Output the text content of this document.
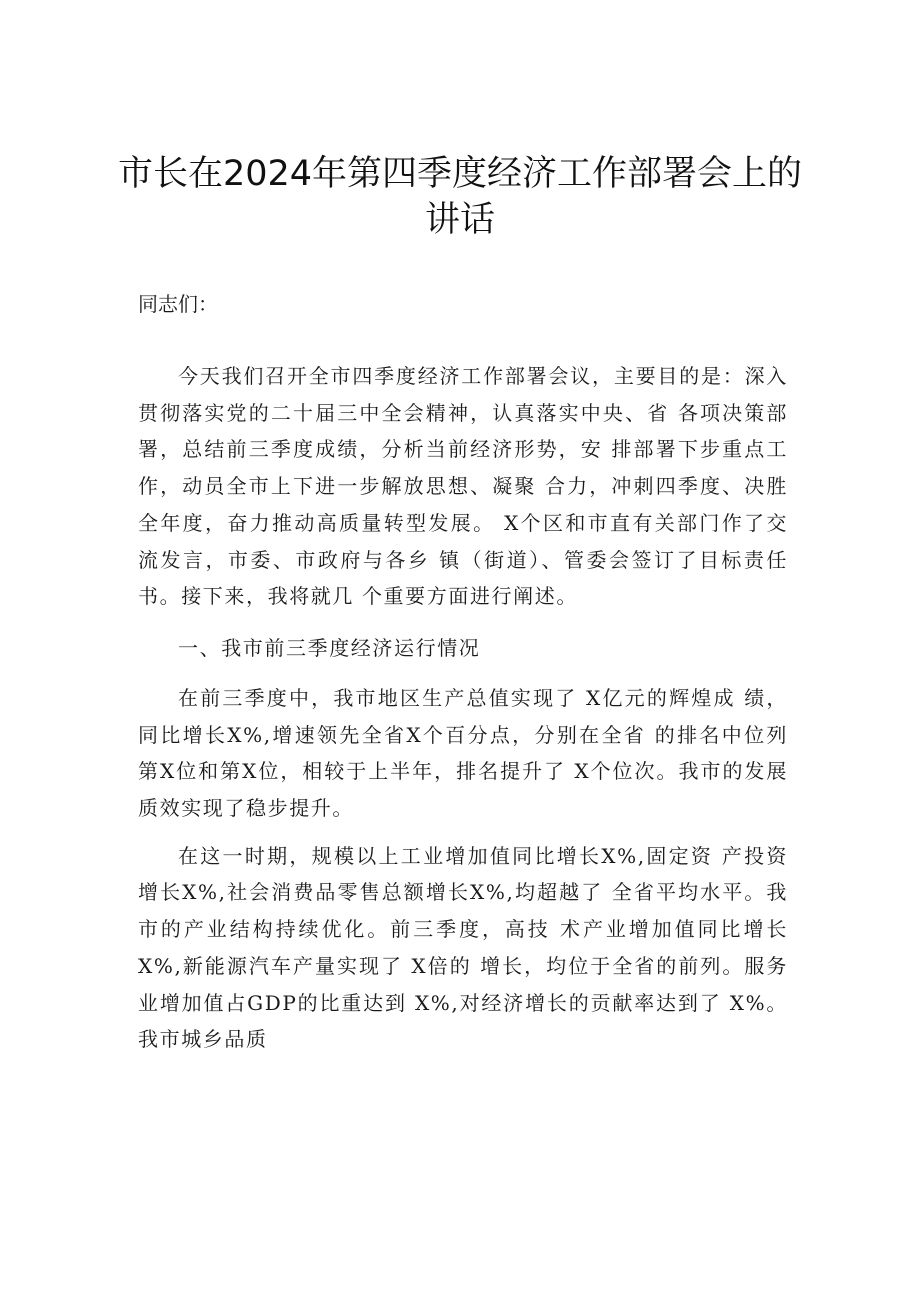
市长在2024年第四季度经济工作部署会上的讲话

同志们：

今天我们召开全市四季度经济工作部署会议，主要目的是：深入贯彻落实党的二十届三中全会精神，认真落实中央、省 各项决策部署，总结前三季度成绩，分析当前经济形势，安 排部署下步重点工作，动员全市上下进一步解放思想、凝聚 合力，冲刺四季度、决胜全年度，奋力推动高质量转型发展。 X个区和市直有关部门作了交流发言，市委、市政府与各乡 镇（街道）、管委会签订了目标责任书。接下来，我将就几 个重要方面进行阐述。

一、我市前三季度经济运行情况

在前三季度中，我市地区生产总值实现了 X亿元的辉煌成 绩，同比增长X%,增速领先全省X个百分点，分别在全省 的排名中位列第X位和第X位，相较于上半年，排名提升了 X个位次。我市的发展质效实现了稳步提升。

在这一时期，规模以上工业增加值同比增长X%,固定资 产投资增长X%,社会消费品零售总额增长X%,均超越了 全省平均水平。我市的产业结构持续优化。前三季度，高技 术产业增加值同比增长X%,新能源汽车产量实现了 X倍的 增长，均位于全省的前列。服务业增加值占GDP的比重达到 X%,对经济增长的贡献率达到了 X%。我市城乡品质
